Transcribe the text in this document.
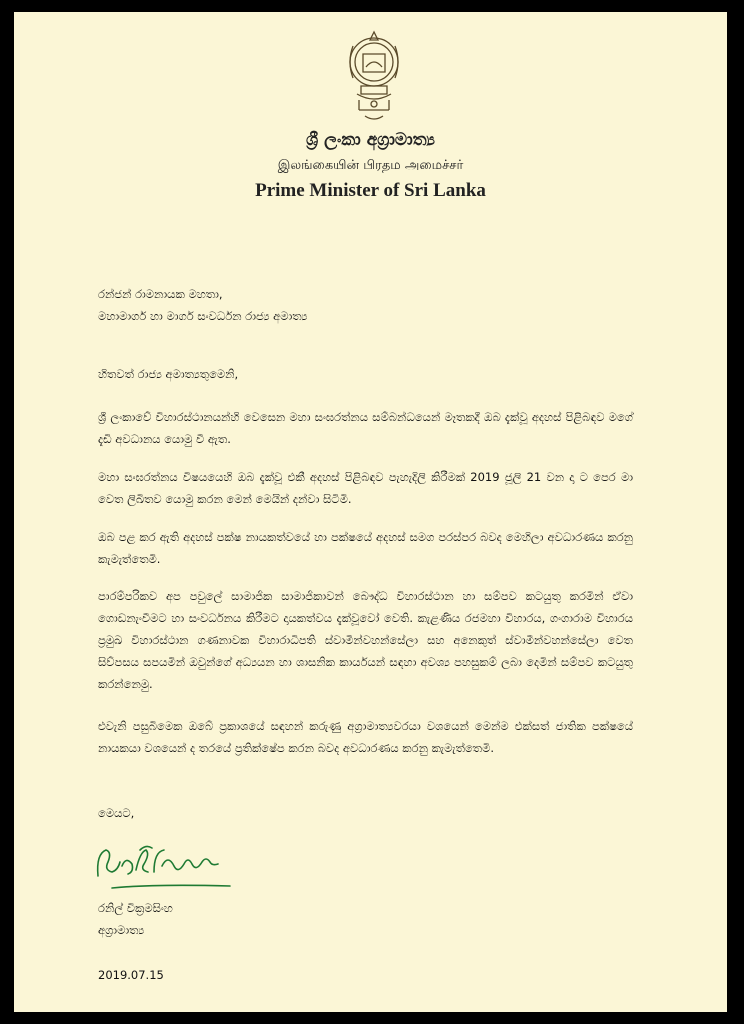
ශ්‍රී ලංකා අග්‍රාමාත්‍ය
இலங்கையின் பிரதம அமைச்சர்
Prime Minister of Sri Lanka
රන්ජන් රාමනායක මහතා,
මහාමාර්ග හා මාර්ග සංවර්ධන රාජ්‍ය අමාත්‍ය
හිතවත් රාජ්‍ය අමාත්‍යතුමෙනි,
ශ්‍රී ලංකාවේ විහාරස්ථානයන්හි වෙසෙන මහා සංඝරත්නය සම්බන්ධයෙන් මෑතකදී ඔබ දැක්වූ අදහස් පිළිබඳව මගේ දැඩි අවධානය යොමු වී ඇත.
මහා සංඝරත්නය විෂයයෙහි ඔබ දැක්වූ එකී අදහස් පිළිබඳව පැහැදිලි කිරීමක් 2019 ජූලි 21 වන දා ට පෙර මා වෙත ලිඛිතව යොමු කරන මෙන් මෙයින් දන්වා සිටිමි.
ඔබ පළ කර ඇති අදහස් පක්ෂ නායකත්වයේ හා පක්ෂයේ අදහස් සමග පරස්පර බවද මෙහිලා අවධාරණය කරනු කැමැත්තෙමි.
පාරම්පරිකව අප පවුලේ සාමාජික සාමාජිකාවන් බෞද්ධ විහාරස්ථාන හා සම්පව කටයුතු කරමින් ඒවා ගොඩනැංවීමට හා සංවර්ධනය කිරීමට දායකත්වය දැක්වූවෝ වෙති. කැළණිය රජමහා විහාරය, ගංගාරාම විහාරය ප්‍රමුඛ විහාරස්ථාන ගණනාවක විහාරාධිපති ස්වාමීන්වහන්සේලා සහ අනෙකුත් ස්වාමීන්වහන්සේලා වෙත සිව්පසය සපයමින් ඔවුන්ගේ අධ්‍යයන හා ශාසනික කාර්යයන් සඳහා අවශ්‍ය පහසුකම් ලබා දෙමින් සම්පව කටයුතු කරන්නෙමු.
එවැනි පසුබිමෙක ඔබේ ප්‍රකාශයේ සඳහන් කරුණු අග්‍රාමාත්‍යවරයා වශයෙන් මෙන්ම එක්සත් ජාතික පක්ෂයේ නායකයා වශයෙන් ද තරයේ ප්‍රතික්ෂේප කරන බවද අවධාරණය කරනු කැමැත්තෙමි.
මෙයට,
රනිල් වික්‍රමසිංහ
අග්‍රාමාත්‍ය
2019.07.15
